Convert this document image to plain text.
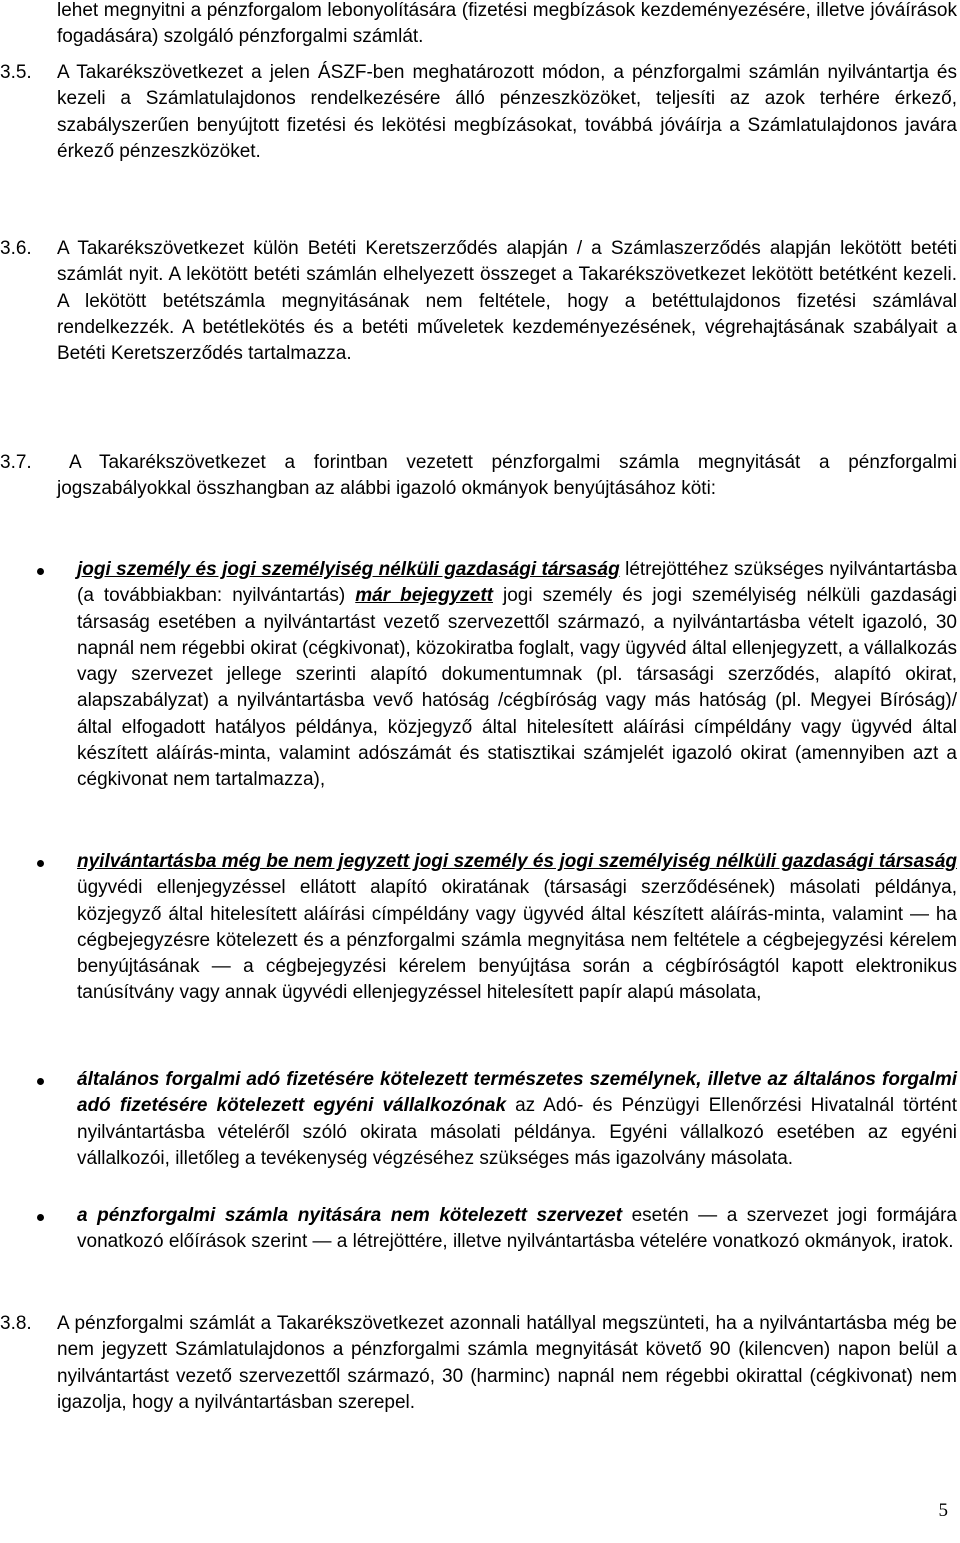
lehet megnyitni a pénzforgalom lebonyolítására (fizetési megbízások kezdeményezésére, illetve jóváírások fogadására) szolgáló pénzforgalmi számlát.
3.5. A Takarékszövetkezet a jelen ÁSZF-ben meghatározott módon, a pénzforgalmi számlán nyilvántartja és kezeli a Számlatulajdonos rendelkezésére álló pénzeszközöket, teljesíti az azok terhére érkező, szabályszerűen benyújtott fizetési és lekötési megbízásokat, továbbá jóváírja a Számlatulajdonos javára érkező pénzeszközöket.
3.6. A Takarékszövetkezet külön Betéti Keretszerződés alapján / a Számlaszerződés alapján lekötött betéti számlát nyit. A lekötött betéti számlán elhelyezett összeget a Takarékszövetkezet lekötött betétként kezeli. A lekötött betétszámla megnyitásának nem feltétele, hogy a betéttulajdonos fizetési számlával rendelkezzék. A betétlekötés és a betéti műveletek kezdeményezésének, végrehajtásának szabályait a Betéti Keretszerződés tartalmazza.
3.7.	A Takarékszövetkezet a forintban vezetett pénzforgalmi számla megnyitását a pénzforgalmi jogszabályokkal összhangban az alábbi igazoló okmányok benyújtásához köti:
jogi személy és jogi személyiség nélküli gazdasági társaság létrejöttéhez szükséges nyilvántartásba (a továbbiakban: nyilvántartás) már bejegyzett jogi személy és jogi személyiség nélküli gazdasági társaság esetében a nyilvántartást vezető szervezettől származó, a nyilvántartásba vételt igazoló, 30 napnál nem régebbi okirat (cégkivonat), közokiratba foglalt, vagy ügyvéd által ellenjegyzett, a vállalkozás vagy szervezet jellege szerinti alapító dokumentumnak (pl. társasági szerződés, alapító okirat, alapszabályzat) a nyilvántartásba vevő hatóság /cégbíróság vagy más hatóság (pl. Megyei Bíróság)/ által elfogadott hatályos példánya, közjegyző által hitelesített aláírási címpéldány vagy ügyvéd által készített aláírás-minta, valamint adószámát és statisztikai számjelét igazoló okirat (amennyiben azt a cégkivonat nem tartalmazza),
nyilvántartásba még be nem jegyzett jogi személy és jogi személyiség nélküli gazdasági társaság ügyvédi ellenjegyzéssel ellátott alapító okiratának (társasági szerződésének) másolati példánya, közjegyző által hitelesített aláírási címpéldány vagy ügyvéd által készített aláírás-minta, valamint — ha cégbejegyzésre kötelezett és a pénzforgalmi számla megnyitása nem feltétele a cégbejegyzési kérelem benyújtásának — a cégbejegyzési kérelem benyújtása során a cégbíróságtól kapott elektronikus tanúsítvány vagy annak ügyvédi ellenjegyzéssel hitelesített papír alapú másolata,
általános forgalmi adó fizetésére kötelezett természetes személynek, illetve az általános forgalmi adó fizetésére kötelezett egyéni vállalkozónak az Adó- és Pénzügyi Ellenőrzési Hivatalnál történt nyilvántartásba vételéről szóló okirata másolati példánya. Egyéni vállalkozó esetében az egyéni vállalkozói, illetőleg a tevékenység végzéséhez szükséges más igazolvány másolata.
a pénzforgalmi számla nyitására nem kötelezett szervezet esetén — a szervezet jogi formájára vonatkozó előírások szerint — a létrejöttére, illetve nyilvántartásba vételére vonatkozó okmányok, iratok.
3.8. A pénzforgalmi számlát a Takarékszövetkezet azonnali hatállyal megszünteti, ha a nyilvántartásba még be nem jegyzett Számlatulajdonos a pénzforgalmi számla megnyitását követő 90 (kilencven) napon belül a nyilvántartást vezető szervezettől származó, 30 (harminc) napnál nem régebbi okirattal (cégkivonat) nem igazolja, hogy a nyilvántartásban szerepel.
5
